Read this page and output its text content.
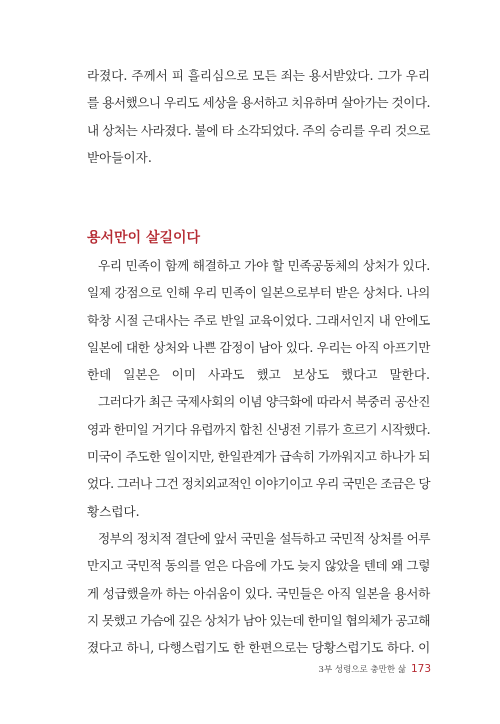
라졌다. 주께서 피 흘리심으로 모든 죄는 용서받았다. 그가 우리
를 용서했으니 우리도 세상을 용서하고 치유하며 살아가는 것이다.
내 상처는 사라졌다. 불에 타 소각되었다. 주의 승리를 우리 것으로
받아들이자.

용서만이 살길이다

우리 민족이 함께 해결하고 가야 할 민족공동체의 상처가 있다.
일제 강점으로 인해 우리 민족이 일본으로부터 받은 상처다. 나의
학창 시절 근대사는 주로 반일 교육이었다. 그래서인지 내 안에도
일본에 대한 상처와 나쁜 감정이 남아 있다. 우리는 아직 아프기만
한데 일본은 이미 사과도 했고 보상도 했다고 말한다.

그러다가 최근 국제사회의 이념 양극화에 따라서 북중러 공산진
영과 한미일 거기다 유럽까지 합친 신냉전 기류가 흐르기 시작했다.
미국이 주도한 일이지만, 한일관계가 급속히 가까워지고 하나가 되
었다. 그러나 그건 정치외교적인 이야기이고 우리 국민은 조금은 당
황스럽다.

정부의 정치적 결단에 앞서 국민을 설득하고 국민적 상처를 어루
만지고 국민적 동의를 얻은 다음에 가도 늦지 않았을 텐데 왜 그렇
게 성급했을까 하는 아쉬움이 있다. 국민들은 아직 일본을 용서하
지 못했고 가슴에 깊은 상처가 남아 있는데 한미일 협의체가 공고해
졌다고 하니, 다행스럽기도 한 한편으로는 당황스럽기도 하다. 이

3부 성령으로 충만한 삶 173
